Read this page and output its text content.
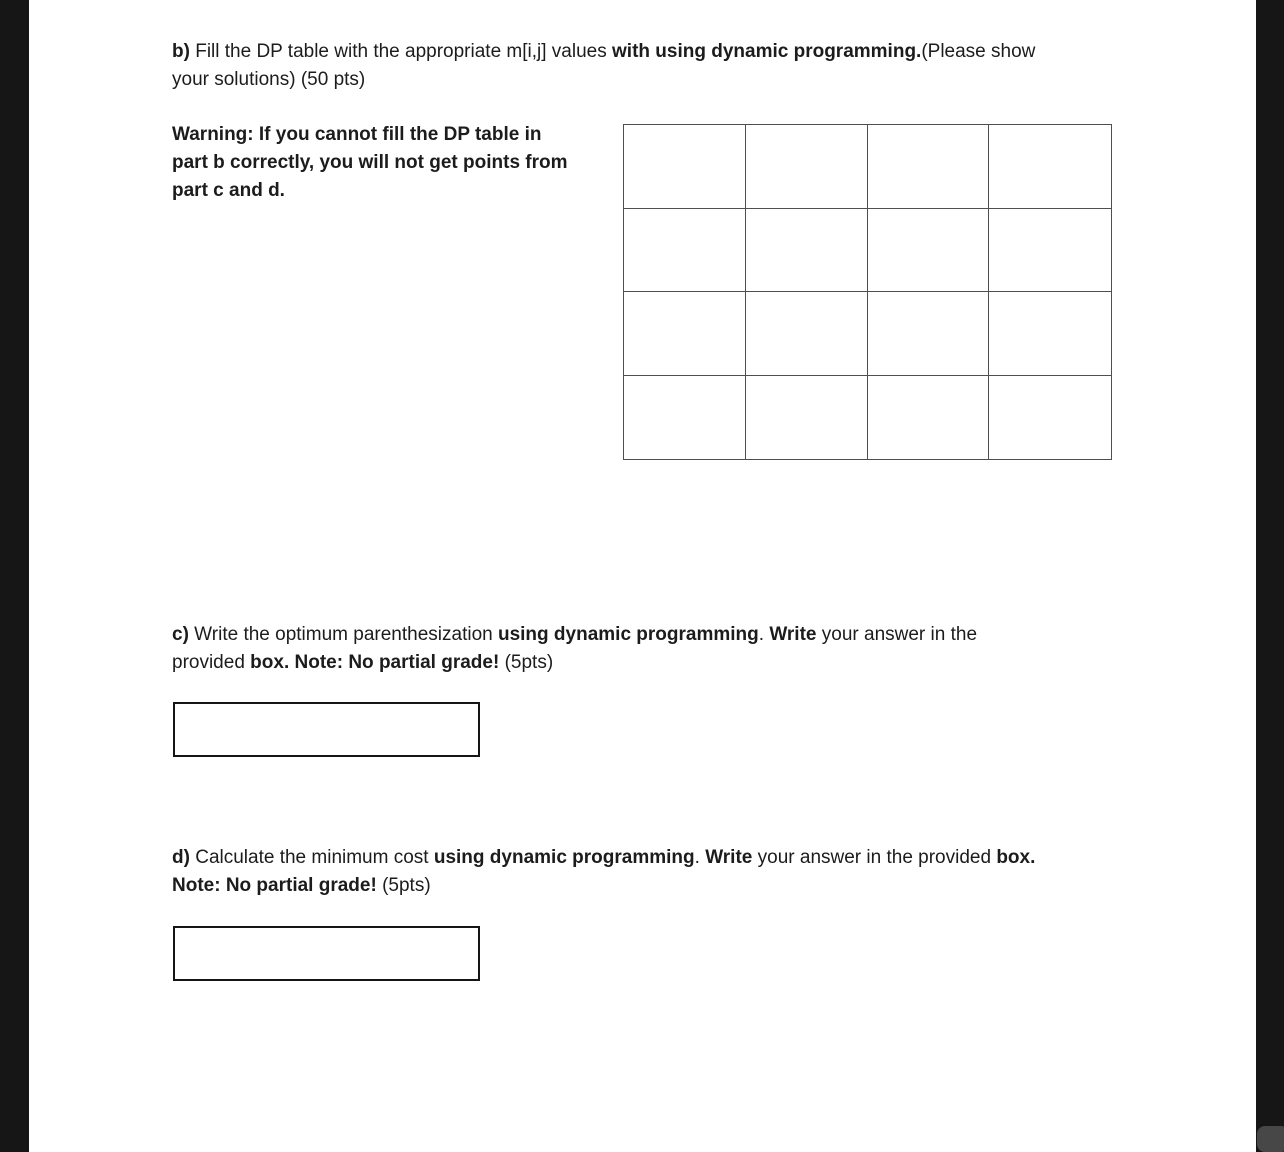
b) Fill the DP table with the appropriate m[i,j] values with using dynamic programming.(Please show
your solutions) (50 pts)
Warning: If you cannot fill the DP table in
part b correctly, you will not get points from
part c and d.
c) Write the optimum parenthesization using dynamic programming. Write your answer in the
provided box. Note: No partial grade! (5pts)
d) Calculate the minimum cost using dynamic programming. Write your answer in the provided box.
Note: No partial grade! (5pts)
